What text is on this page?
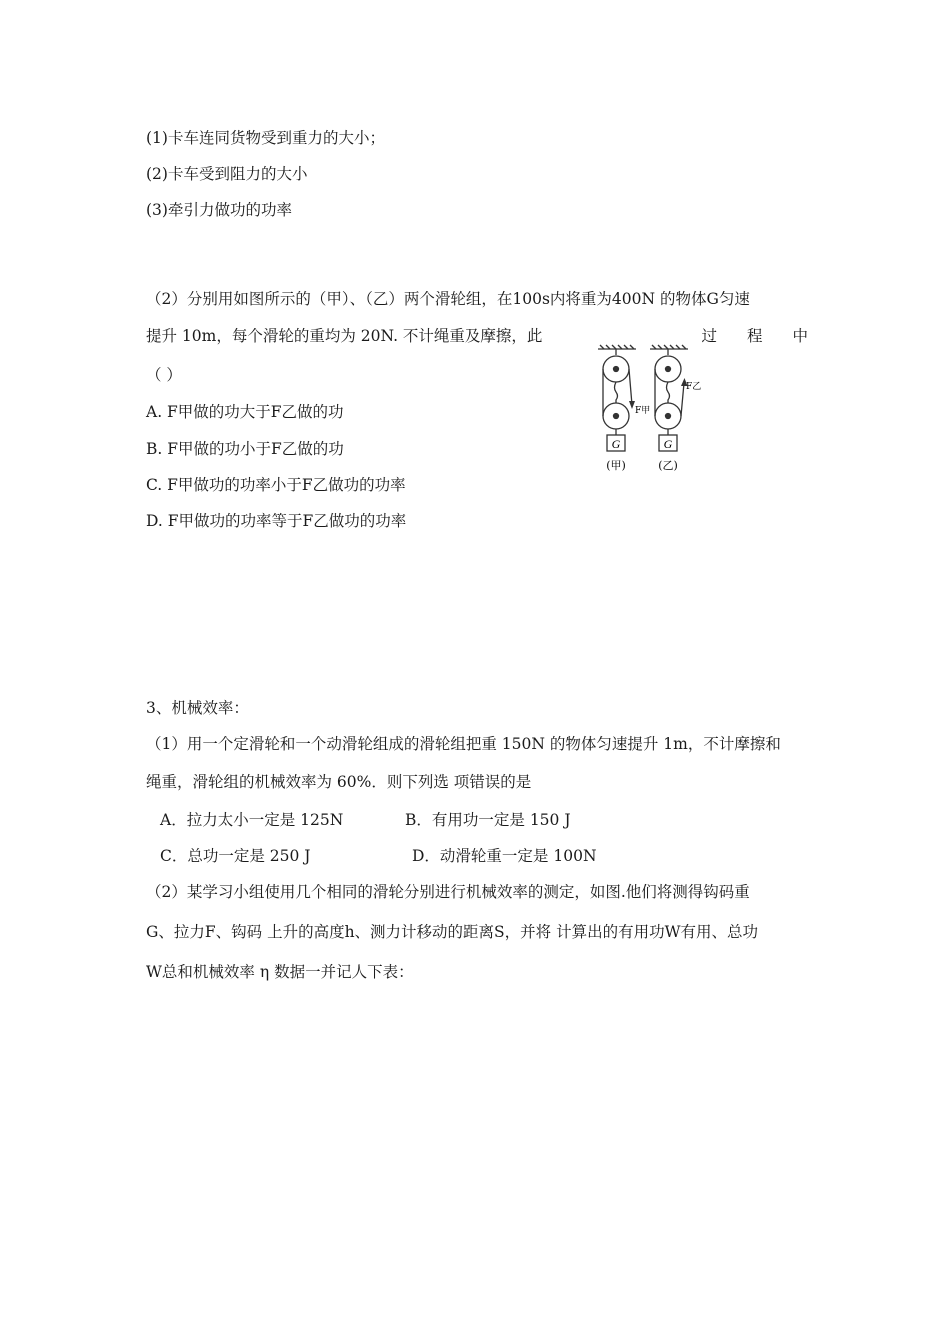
(1)卡车连同货物受到重力的大小；
(2)卡车受到阻力的大小
(3)牵引力做功的功率
（2）分别用如图所示的（甲）、（乙）两个滑轮组，在100s内将重为400N 的物体G匀速
提升 10m，每个滑轮的重均为 20N. 不计绳重及摩擦，此	过 程 中
（ ）
A. F甲做的功大于F乙做的功
B. F甲做的功小于F乙做的功
C. F甲做功的功率小于F乙做功的功率
D. F甲做功的功率等于F乙做功的功率
G	G
F甲
F乙
(甲)	(乙)
3、机械效率：
（1）用一个定滑轮和一个动滑轮组成的滑轮组把重 150N 的物体匀速提升 1m，不计摩擦和
绳重，滑轮组的机械效率为 60%．则下列选 项错误的是
A．拉力太小一定是 125N	B．有用功一定是 150 J
C．总功一定是 250 J	D．动滑轮重一定是 100N
（2）某学习小组使用几个相同的滑轮分别进行机械效率的测定，如图.他们将测得钩码重
G、拉力F、钩码 上升的高度h、测力计移动的距离S，并将 计算出的有用功W有用、总功
W总和机械效率 η 数据一并记人下表：
